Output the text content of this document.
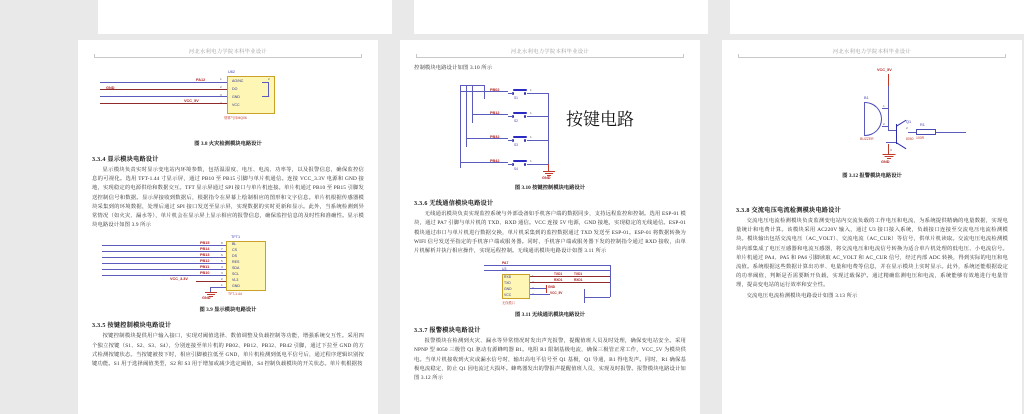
河北水利电力学院本科毕业设计
U62
烟雾气体MQ06
AO/NC
DO
GND
VCC
1
2
3
2
PA12
GND
VCC_5V
图 3.8 火灾检测模块电路设计
3.3.4 显示模块电路设计

显示模块负责实时显示变电站内环境参数，包括温湿度、电压、电流、功率等，以及报警信息，确保监控信息的可视化。选用 TFT-1.44 寸显示屏，通过 PB10 至 PB15 引脚与单片机通信。连接 VCC_3.3V 电源和 GND 接地，实现稳定的电源供给和数据交互。TFT 显示屏通过 SPI 接口与单片机连接。单片机通过 PB10 至 PB15 引脚发送控制信号和数据。显示屏接收到数据后，根据指令在屏幕上绘制相应的图形和文字信息。单片机根据传感器模块采集到的环境数据，处理后通过 SPI 接口发送至显示屏，实现数据的实时更新和显示。此外，当系统检测到异常情况（如火灾、漏水等），单片机会在显示屏上显示相应的报警信息，确保监控信息的及时性和准确性。显示模块电路设计如图 3.9 所示

TFT1
TFT-1.44
BL
CS
DS
RES
SDA
SCL
VL3
GND
8
7
6
5
4
3
2
1
PB15
PB14
PB13
PB12
PB11
PB10
VCC_3.3V
GND
图 3.9 显示模块电路设计
3.3.5 按键控制模块电路设计

按键控制模块提供用户输入接口，实现对阈值选择、数值调整及负载控制等功能，增强系统交互性。采用四个独立按键（S1、S2、S3、S4），分别连接至单片机的 PB02、PB12、PB32、PB42 引脚，通过下拉至 GND 的方式检测按键状态。当按键被按下时，相应引脚被拉低至 GND，单片机检测到低电平信号后，通过程序逻辑识别按键功能。S1 用于选择阈值类型，S2 和 S3 用于增加或减少选定阈值，S4 控制负载模块的开关状态。单片机根据按

河北水利电力学院本科毕业设计

控制模块电路设计如图 3.10 所示

PB02
S1
1
PB12
S2
1
PB32
S3
1
PB42
S4
1
GND
按键电路
图 3.10 按键控制模块电路设计
3.3.6 无线通信模块电路设计

无线通讯模块负责实现监控系统与外部设备如手机客户端的数据同步，支持远程监控和控制。选用 ESP-01 模块，通过 PA7 引脚与单片机的 TXD、RXD 通信。VCC 连接 5V 电源，GND 接地，实现稳定的无线通信。ESP-01 模块通过串口与单片机进行数据交换，单片机采集到的监控数据通过 TXD 发送至 ESP-01。ESP-01 将数据转换为 WIFI 信号发送至指定的手机客户端或服务器。同时，手机客户端或服务器下发的控制指令通过 RXD 接收，由单片机解析并执行相应操作，实现远程控制。无线通讯模块电路设计如图 3.11 所示

PA7
U3
RXD
TXD
GND
VCC
无线模口
TXD1	TXD1
RXD1	RXD1
GND
VCC_5V
图 3.11 无线通讯模块电路设计
3.3.7 报警模块电路设计

报警模块在检测到火灾、漏水等异常情况时发出声光报警，提醒值班人员及时处理，确保变电站安全。采用 NPNP 型 8050 三极管 Q1 驱动有源蜂鸣器 B1。电阻 R1 限制基极电流，确保三极管正常工作，VCC_5V 为模块供电。当单片机接收到火灾或漏水信号时，输出高电平信号至 Q1 基极，Q1 导通，B1 得电发声。同时，R1 确保基极电流稳定，防止 Q1 因电流过大损坏。蜂鸣器发出的警报声提醒值班人员，实现及时报警。报警模块电路设计如图 3.12 所示

河北水利电力学院本科毕业设计
VCC_5V
B1
1
2
BUZZER
Q1
8050
2
3
R1
100R
GND
图 3.12 报警模块电路设计
3.3.8 交流电压电流检测模块电路设计

交流电压电流检测模块负责监测变电站内交流负载的工作电压和电流，为系统提供精确的电量数据，实现电量统计和电费计算。该模块采用 AC220V 输入，通过 U3 接口接入系统，负载接口连接至交流电压电流检测模块。模块输出包括交流电压（AC_VOLT）、交流电流（AC_CUR）等信号，供单片机读取。交流电压电流检测模块内部集成了电压互感器和电流互感器，将交流电压和电流信号转换为适合单片机处理的低电压、小电流信号。单片机通过 PA4、PA5 和 PA6 引脚读取 AC_VOLT 和 AC_CUR 信号，经过内部 ADC 转换，得到实际的电压和电流值。系统根据这些数据计算出功率、电量和电费等信息，并在显示模块上实时显示。此外，系统还能根据设定的功率阈值，判断是否需要断开负载，实现过载保护。通过精确监测电压和电流，系统能够有效地进行电量管理，提高变电站的运行效率和安全性。

交流电压电流检测模块电路设计如图 3.13 所示
